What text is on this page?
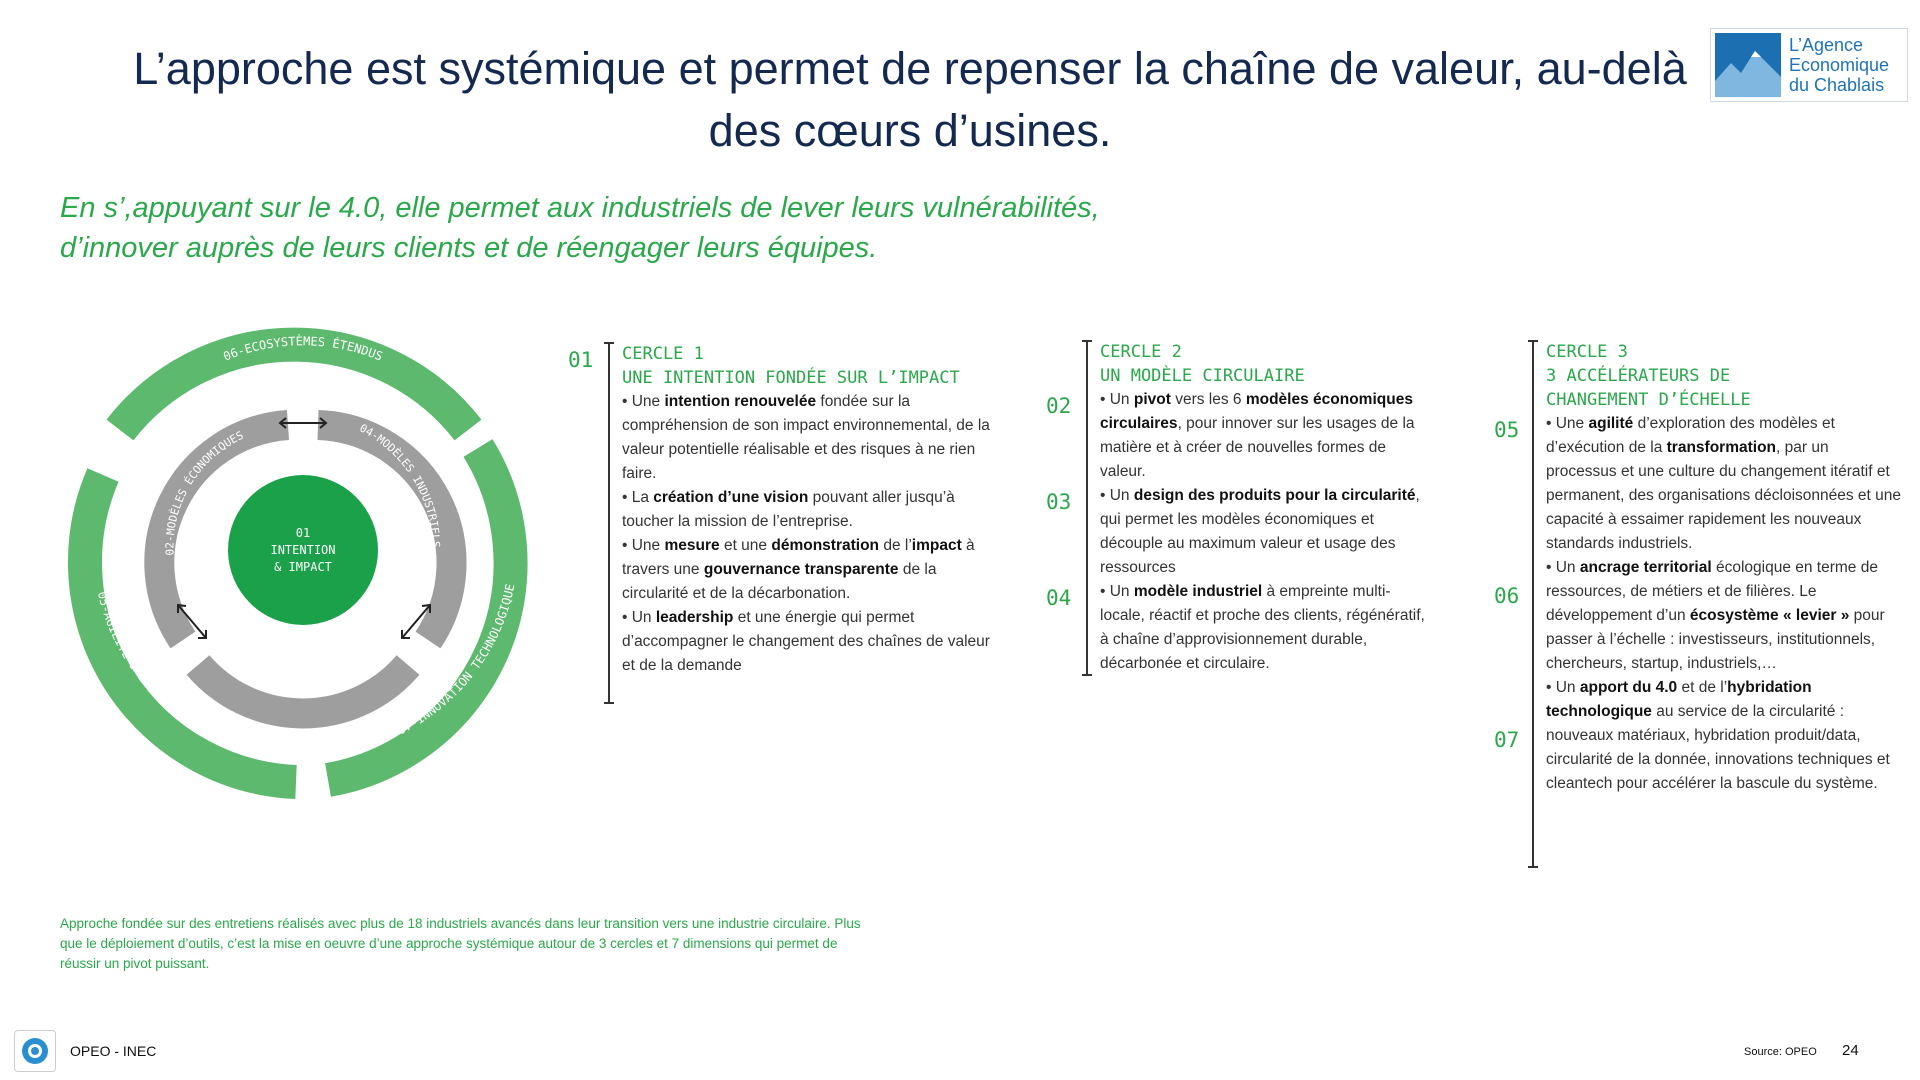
L’approche est systémique et permet de repenser la chaîne de valeur, au-delà des cœurs d’usines.
L’Agence
Economique
du Chablais
En s’,appuyant sur le 4.0, elle permet aux industriels de lever leurs vulnérabilités,
d’innover auprès de leurs clients et de réengager leurs équipes.
01
INTENTION
& IMPACT
06-ECOSYSTÈMES ÉTENDUS
05-AGILITÉ D’EXÉCUTION
07-INNOVATION TECHNOLOGIQUE
02-MODÈLES ÉCONOMIQUES	04-MODÈLES INDUSTRIELS
03-CONCEPTION PRODUIT
01 CERCLE 1
UNE INTENTION FONDÉE SUR L’IMPACT
• Une intention renouvelée fondée sur la compréhension de son impact environnemental, de la valeur potentielle réalisable et des risques à ne rien faire.
• La création d’une vision pouvant aller jusqu’à toucher la mission de l’entreprise.
• Une mesure et une démonstration de l’impact à travers une gouvernance transparente de la circularité et de la décarbonation.
• Un leadership et une énergie qui permet d’accompagner le changement des chaînes de valeur et de la demande
02
03
04
CERCLE 2
UN MODÈLE CIRCULAIRE
• Un pivot vers les 6 modèles économiques circulaires, pour innover sur les usages de la matière et à créer de nouvelles formes de valeur.
• Un design des produits pour la circularité, qui permet les modèles économiques et découple au maximum valeur et usage des ressources
• Un modèle industriel à empreinte multi-locale, réactif et proche des clients, régénératif, à chaîne d’approvisionnement durable, décarbonée et circulaire.
05
06
07
CERCLE 3
3 ACCÉLÉRATEURS DE
CHANGEMENT D’ÉCHELLE
• Une agilité d’exploration des modèles et d’exécution de la transformation, par un processus et une culture du changement itératif et permanent, des organisations décloisonnées et une capacité à essaimer rapidement les nouveaux standards industriels.
• Un ancrage territorial écologique en terme de ressources, de métiers et de filières. Le développement d’un écosystème « levier » pour passer à l’échelle : investisseurs, institutionnels, chercheurs, startup, industriels,…
• Un apport du 4.0 et de l’hybridation technologique au service de la circularité : nouveaux matériaux, hybridation produit/data, circularité de la donnée, innovations techniques et cleantech pour accélérer la bascule du système.
Approche fondée sur des entretiens réalisés avec plus de 18 industriels avancés dans leur transition vers une industrie circulaire. Plus que le déploiement d’outils, c’est la mise en oeuvre d’une approche systémique autour de 3 cercles et 7 dimensions qui permet de réussir un pivot puissant.
OPEO - INEC	Source: OPEO 24
